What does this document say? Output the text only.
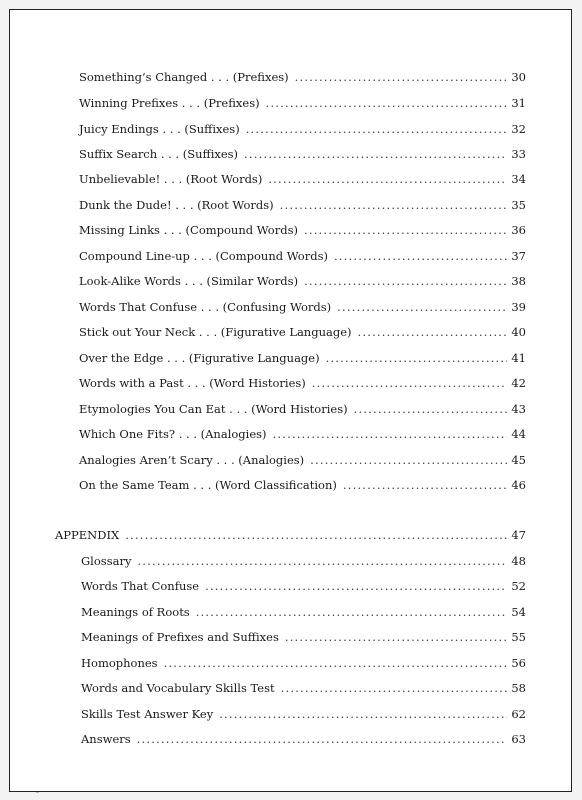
Something’s Changed . . . (Prefixes) .....	30
Winning Prefixes . . . (Prefixes) .....	31
Juicy Endings . . . (Suffixes) .....	32
Suffix Search . . . (Suffixes) .....	33
Unbelievable! . . . (Root Words) .....	34
Dunk the Dude! . . . (Root Words) .....	35
Missing Links . . . (Compound Words) .....	36
Compound Line-up . . . (Compound Words) .....	37
Look-Alike Words . . . (Similar Words) .....	38
Words That Confuse . . . (Confusing Words) .....	39
Stick out Your Neck . . . (Figurative Language) .....	40
Over the Edge . . . (Figurative Language) .....	41
Words with a Past . . . (Word Histories) .....	42
Etymologies You Can Eat . . . (Word Histories) .....	43
Which One Fits? . . . (Analogies) .....	44
Analogies Aren’t Scary . . . (Analogies) .....	45
On the Same Team . . . (Word Classification) .....	46
APPENDIX .....	47
Glossary .....	48
Words That Confuse .....	52
Meanings of Roots .....	54
Meanings of Prefixes and Suffixes .....	55
Homophones .....	56
Words and Vocabulary Skills Test .....	58
Skills Test Answer Key .....	62
Answers .....	63
